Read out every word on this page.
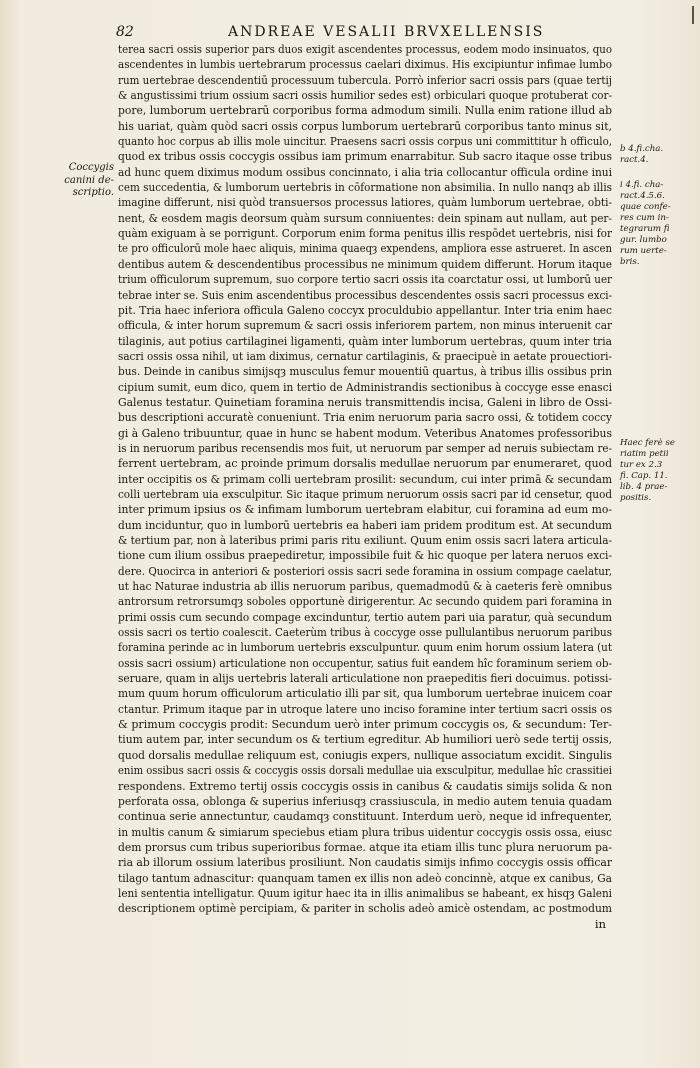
82	ANDREAE VESALII BRVXELLENSIS
Coccygis
canini de-
scriptio.
b 4.fi.cha.
ract.4.
i 4.fi. cha-
ract.4.5.6.
quae confe-
res cum in-
tegrarum fi
gur. lumbo
rum uerte-
bris.
Haec ferè se
riatim petii
tur ex 2.3
fi. Cap. 11.
lib. 4 prae-
positis.
terea sacri ossis superior pars duos exigit ascendentes processus, eodem modo insinuatos, quo
ascendentes in lumbis uertebrarum processus caelari diximus. His excipiuntur infimae lumbo
rum uertebrae descendentiū processuum tubercula. Porrò inferior sacri ossis pars (quae tertij
& angustissimi trium ossium sacri ossis humilior sedes est) orbiculari quoque protuberat cor-
pore, lumborum uertebrarū corporibus forma admodum simili. Nulla enim ratione illud ab
his uariat, quàm quòd sacri ossis corpus lumborum uertebrarū corporibus tanto minus sit,
quanto hoc corpus ab illis mole uincitur. Praesens sacri ossis corpus uni committitur h officulo,
quod ex tribus ossis coccygis ossibus iam primum enarrabitur. Sub sacro itaque osse tribus
ad hunc quem diximus modum ossibus concinnato, i alia tria collocantur officula ordine inui
cem succedentia, & lumborum uertebris in cōformatione non absimilia. In nullo nanqȝ ab illis
imagine differunt, nisi quòd transuersos processus latiores, quàm lumborum uertebrae, obti-
nent, & eosdem magis deorsum quàm sursum conniuentes: dein spinam aut nullam, aut per-
quàm exiguam à se porrigunt. Corporum enim forma penitus illis respōdet uertebris, nisi for
te pro officulorū mole haec aliquis, minima quaeqȝ expendens, ampliora esse astrueret. In ascen
dentibus autem & descendentibus processibus ne minimum quidem differunt. Horum itaque
trium officulorum supremum, suo corpore tertio sacri ossis ita coarctatur ossi, ut lumborū uer
tebrae inter se. Suis enim ascendentibus processibus descendentes ossis sacri processus exci-
pit. Tria haec inferiora officula Galeno coccyx proculdubio appellantur. Inter tria enim haec
officula, & inter horum supremum & sacri ossis inferiorem partem, non minus interuenit car
tilaginis, aut potius cartilaginei ligamenti, quàm inter lumborum uertebras, quum inter tria
sacri ossis ossa nihil, ut iam diximus, cernatur cartilaginis, & praecipuè in aetate prouectiori-
bus. Deinde in canibus simijsqȝ musculus femur mouentiū quartus, à tribus illis ossibus prin
cipium sumit, eum dico, quem in tertio de Administrandis sectionibus à coccyge esse enasci
Galenus testatur. Quinetiam foramina neruis transmittendis incisa, Galeni in libro de Ossi-
bus descriptioni accuratè conueniunt. Tria enim neruorum paria sacro ossi, & totidem coccy
gi à Galeno tribuuntur, quae in hunc se habent modum. Veteribus Anatomes professoribus
is in neruorum paribus recensendis mos fuit, ut neruorum par semper ad neruis subiectam re-
ferrent uertebram, ac proinde primum dorsalis medullae neruorum par enumeraret, quod
inter occipitis os & primam colli uertebram prosilit: secundum, cui inter primā & secundam
colli uertebram uia exsculpitur. Sic itaque primum neruorum ossis sacri par id censetur, quod
inter primum ipsius os & infimam lumborum uertebram elabitur, cui foramina ad eum mo-
dum inciduntur, quo in lumborū uertebris ea haberi iam pridem proditum est. At secundum
& tertium par, non à lateribus primi paris ritu exiliunt. Quum enim ossis sacri latera articula-
tione cum ilium ossibus praepediretur, impossibile fuit & hic quoque per latera neruos exci-
dere. Quocirca in anteriori & posteriori ossis sacri sede foramina in ossium compage caelatur,
ut hac Naturae industria ab illis neruorum paribus, quemadmodū & à caeteris ferè omnibus
antrorsum retrorsumqȝ soboles opportunè dirigerentur. Ac secundo quidem pari foramina in
primi ossis cum secundo compage excinduntur, tertio autem pari uia paratur, quà secundum
ossis sacri os tertio coalescit. Caeterùm tribus à coccyge osse pullulantibus neruorum paribus
foramina perinde ac in lumborum uertebris exsculpuntur. quum enim horum ossium latera (ut
ossis sacri ossium) articulatione non occupentur, satius fuit eandem hîc foraminum seriem ob-
seruare, quam in alijs uertebris laterali articulatione non praepeditis fieri docuimus. potissi-
mum quum horum officulorum articulatio illi par sit, qua lumborum uertebrae inuicem coar
ctantur. Primum itaque par in utroque latere uno inciso foramine inter tertium sacri ossis os
& primum coccygis prodit: Secundum uerò inter primum coccygis os, & secundum: Ter-
tium autem par, inter secundum os & tertium egreditur. Ab humiliori uerò sede tertij ossis,
quod dorsalis medullae reliquum est, coniugis expers, nullique associatum excidit. Singulis
enim ossibus sacri ossis & coccygis ossis dorsali medullae uia exsculpitur, medullae hîc crassitiei
respondens. Extremo tertij ossis coccygis ossis in canibus & caudatis simijs solida & non
perforata ossa, oblonga & superius inferiusqȝ crassiuscula, in medio autem tenuia quadam
continua serie annectuntur, caudamqȝ constituunt. Interdum uerò, neque id infrequenter,
in multis canum & simiarum speciebus etiam plura tribus uidentur coccygis ossis ossa, eiusc
dem prorsus cum tribus superioribus formae. atque ita etiam illis tunc plura neruorum pa-
ria ab illorum ossium lateribus prosiliunt. Non caudatis simijs infimo coccygis ossis officar
tilago tantum adnascitur: quanquam tamen ex illis non adeò concinnè, atque ex canibus, Ga
leni sententia intelligatur. Quum igitur haec ita in illis animalibus se habeant, ex hisqȝ Galeni
descriptionem optimè percipiam, & pariter in scholis adeò amicè ostendam, ac postmodum
in
